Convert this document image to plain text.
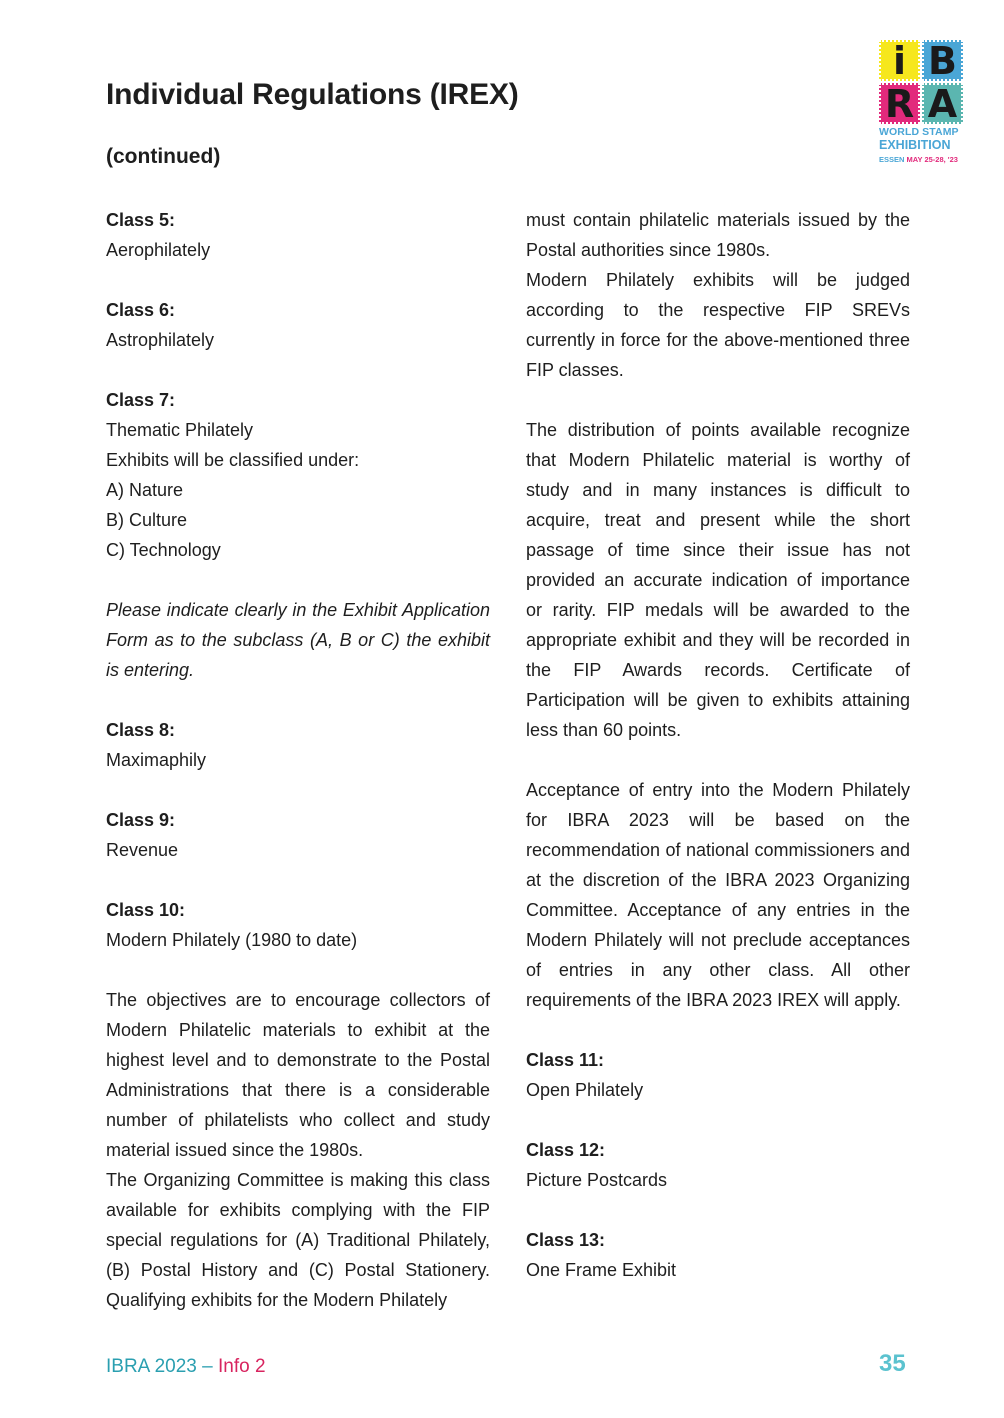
Individual Regulations (IREX)
(continued)
i B
R A
WORLD STAMP
EXHIBITION
ESSEN MAY 25-28, '23

Class 5:

Aerophilately

Class 6:

Astrophilately

Class 7:

Thematic Philately

Exhibits will be classified under:

A) Nature

B) Culture

C) Technology

Please indicate clearly in the Exhibit Application Form as to the subclass (A, B or C) the exhibit is entering.

Class 8:

Maximaphily

Class 9:

Revenue

Class 10:

Modern Philately (1980 to date)

The objectives are to encourage collectors of Modern Philatelic materials to exhibit at the highest level and to demonstrate to the Postal Administrations that there is a considerable number of philatelists who collect and study material issued since the 1980s.

The Organizing Committee is making this class available for exhibits complying with the FIP special regulations for (A) Traditional Philately, (B) Postal History and (C) Postal Stationery. Qualifying exhibits for the Modern Philately

must contain philatelic materials issued by the Postal authorities since 1980s.

Modern Philately exhibits will be judged according to the respective FIP SREVs currently in force for the above-mentioned three FIP classes.

The distribution of points available recognize that Modern Philatelic material is worthy of study and in many instances is difficult to acquire, treat and present while the short passage of time since their issue has not provided an accurate indication of importance or rarity. FIP medals will be awarded to the appropriate exhibit and they will be recorded in the FIP Awards records. Certificate of Participation will be given to exhibits attaining less than 60 points.

Acceptance of entry into the Modern Philately for IBRA 2023 will be based on the recommendation of national commissioners and at the discretion of the IBRA 2023 Organizing Committee. Acceptance of any entries in the Modern Philately will not preclude acceptances of entries in any other class. All other requirements of the IBRA 2023 IREX will apply.

Class 11:

Open Philately

Class 12:

Picture Postcards

Class 13:

One Frame Exhibit

IBRA 2023 – Info 2	35
